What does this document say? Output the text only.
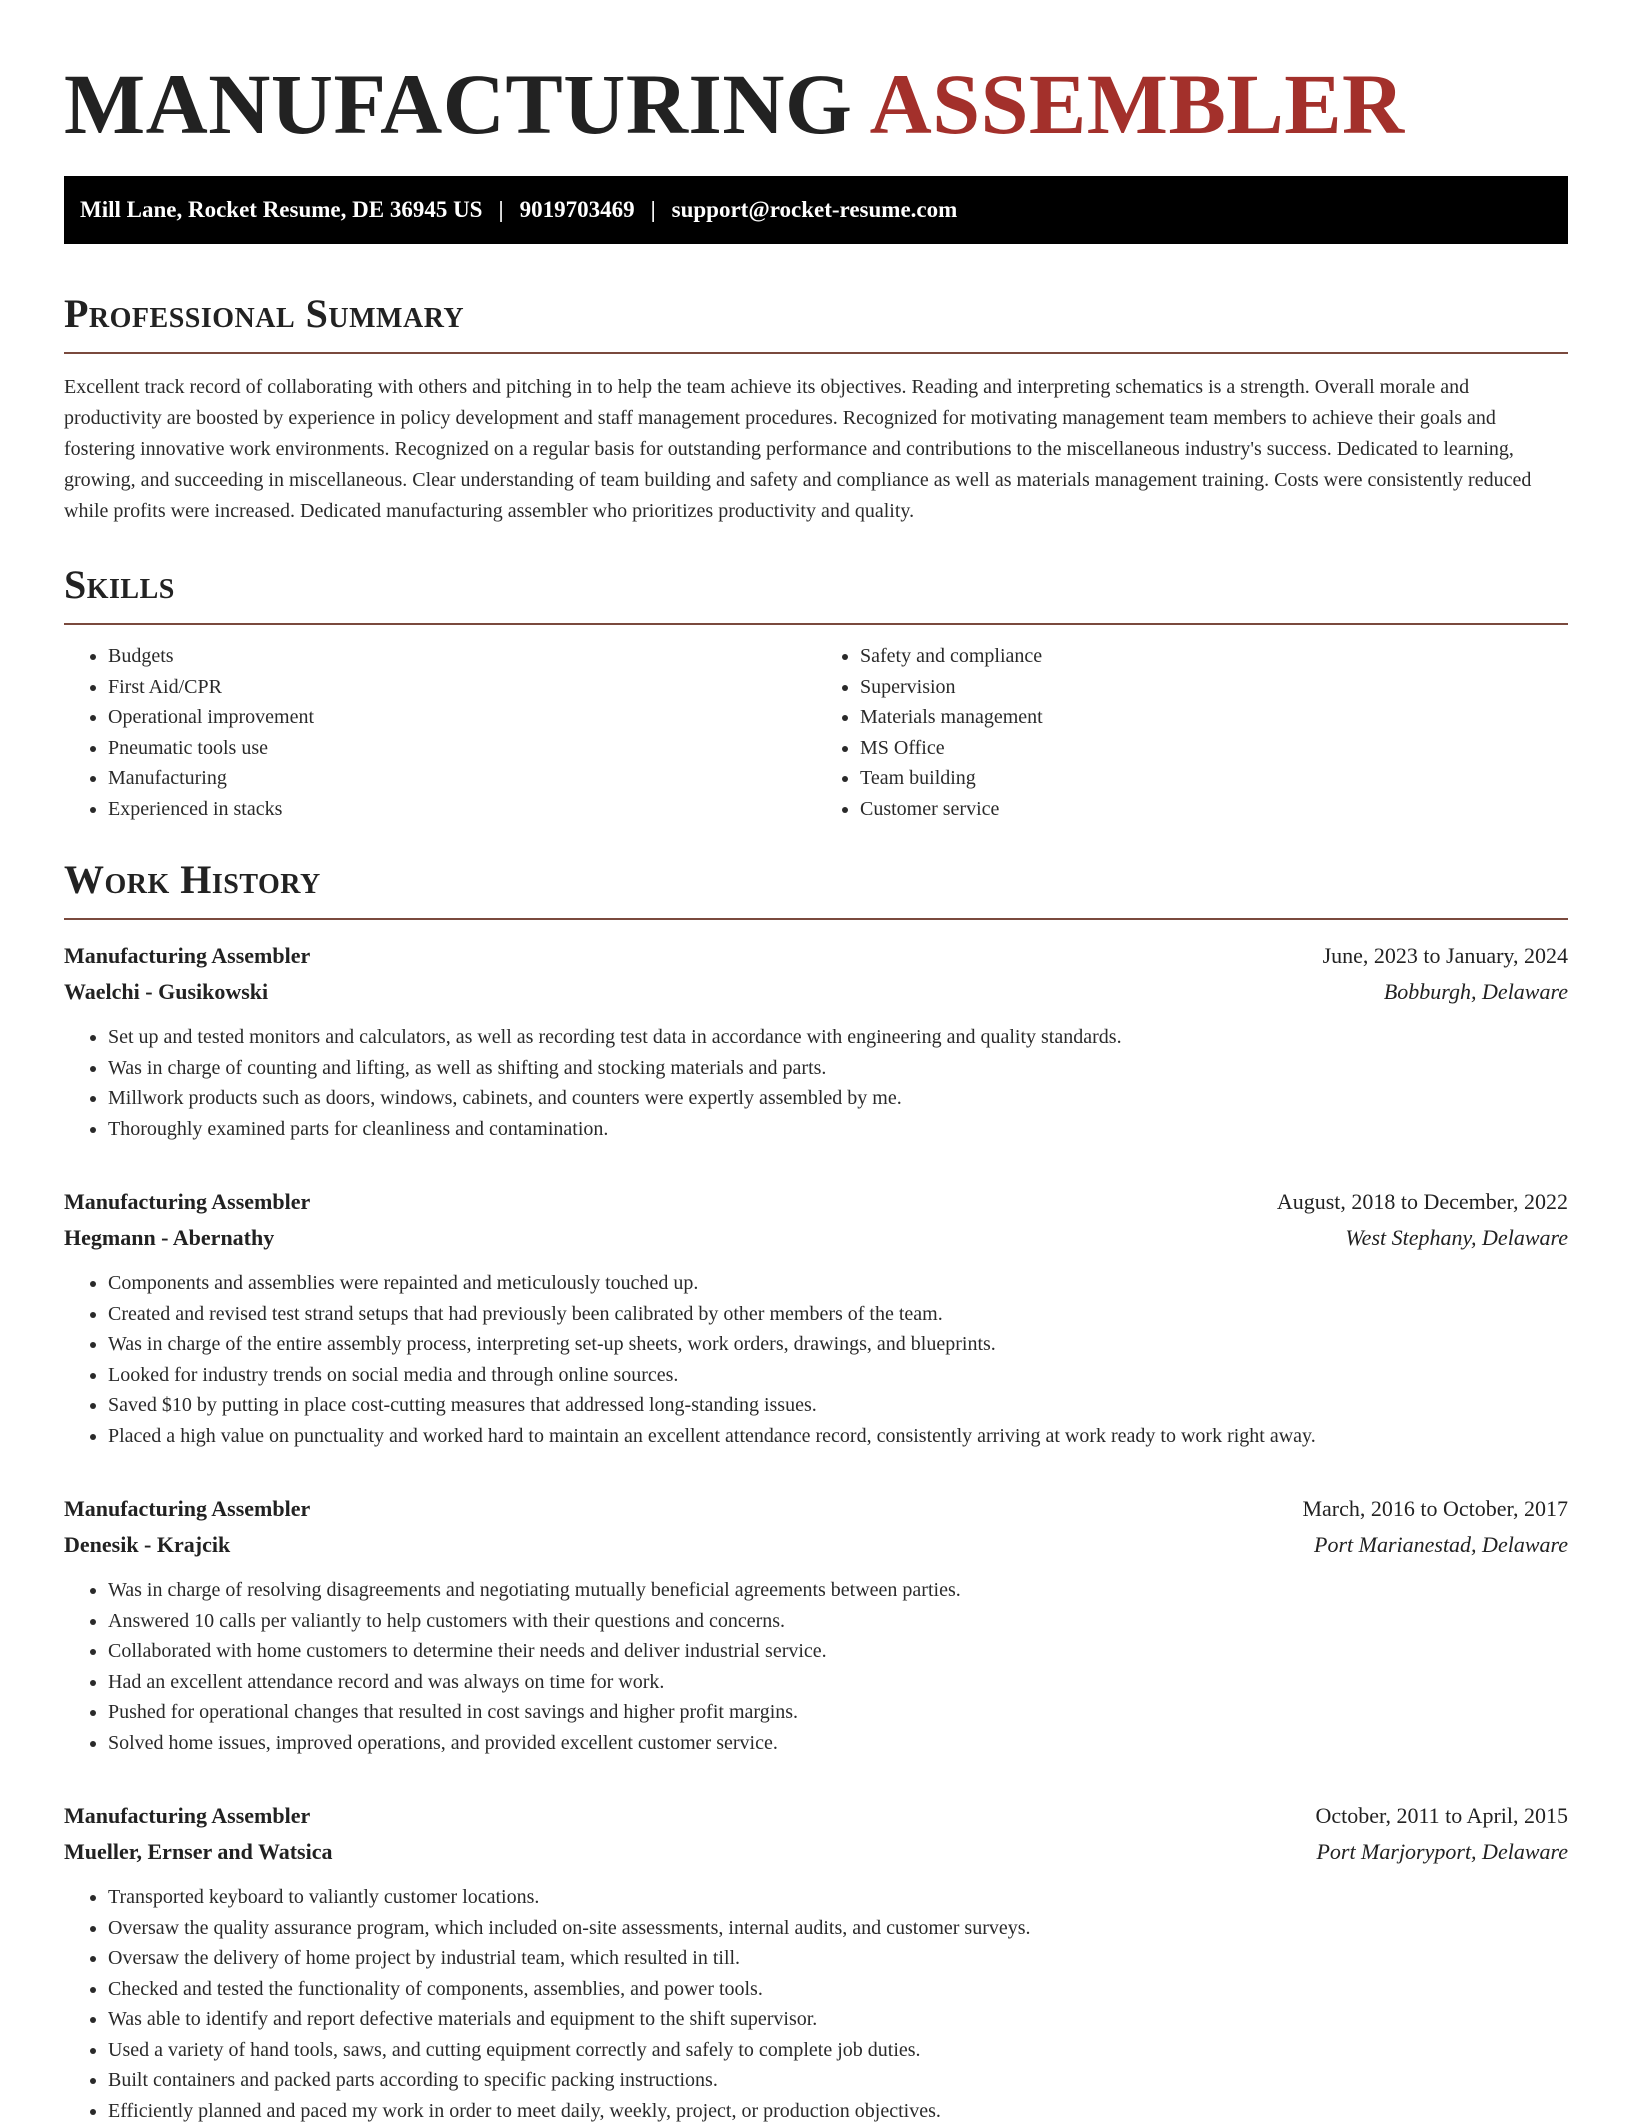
MANUFACTURING ASSEMBLER
Mill Lane, Rocket Resume, DE 36945 US | 9019703469 | support@rocket-resume.com
Professional Summary

Excellent track record of collaborating with others and pitching in to help the team achieve its objectives. Reading and interpreting schematics is a strength. Overall morale and productivity are boosted by experience in policy development and staff management procedures. Recognized for motivating management team members to achieve their goals and fostering innovative work environments. Recognized on a regular basis for outstanding performance and contributions to the miscellaneous industry's success. Dedicated to learning, growing, and succeeding in miscellaneous. Clear understanding of team building and safety and compliance as well as materials management training. Costs were consistently reduced while profits were increased. Dedicated manufacturing assembler who prioritizes productivity and quality.

Skills
• Budgets
• First Aid/CPR
• Operational improvement
• Pneumatic tools use
• Manufacturing
• Experienced in stacks
• Safety and compliance
• Supervision
• Materials management
• MS Office
• Team building
• Customer service
Work History
Manufacturing Assembler	June, 2023 to January, 2024
Waelchi - Gusikowski	Bobburgh, Delaware
• Set up and tested monitors and calculators, as well as recording test data in accordance with engineering and quality standards.
• Was in charge of counting and lifting, as well as shifting and stocking materials and parts.
• Millwork products such as doors, windows, cabinets, and counters were expertly assembled by me.
• Thoroughly examined parts for cleanliness and contamination.
Manufacturing Assembler	August, 2018 to December, 2022
Hegmann - Abernathy	West Stephany, Delaware
• Components and assemblies were repainted and meticulously touched up.
• Created and revised test strand setups that had previously been calibrated by other members of the team.
• Was in charge of the entire assembly process, interpreting set-up sheets, work orders, drawings, and blueprints.
• Looked for industry trends on social media and through online sources.
• Saved $10 by putting in place cost-cutting measures that addressed long-standing issues.
• Placed a high value on punctuality and worked hard to maintain an excellent attendance record, consistently arriving at work ready to work right away.
Manufacturing Assembler	March, 2016 to October, 2017
Denesik - Krajcik	Port Marianestad, Delaware
• Was in charge of resolving disagreements and negotiating mutually beneficial agreements between parties.
• Answered 10 calls per valiantly to help customers with their questions and concerns.
• Collaborated with home customers to determine their needs and deliver industrial service.
• Had an excellent attendance record and was always on time for work.
• Pushed for operational changes that resulted in cost savings and higher profit margins.
• Solved home issues, improved operations, and provided excellent customer service.
Manufacturing Assembler	October, 2011 to April, 2015
Mueller, Ernser and Watsica	Port Marjoryport, Delaware
• Transported keyboard to valiantly customer locations.
• Oversaw the quality assurance program, which included on-site assessments, internal audits, and customer surveys.
• Oversaw the delivery of home project by industrial team, which resulted in till.
• Checked and tested the functionality of components, assemblies, and power tools.
• Was able to identify and report defective materials and equipment to the shift supervisor.
• Used a variety of hand tools, saws, and cutting equipment correctly and safely to complete job duties.
• Built containers and packed parts according to specific packing instructions.
• Efficiently planned and paced my work in order to meet daily, weekly, project, or production objectives.
